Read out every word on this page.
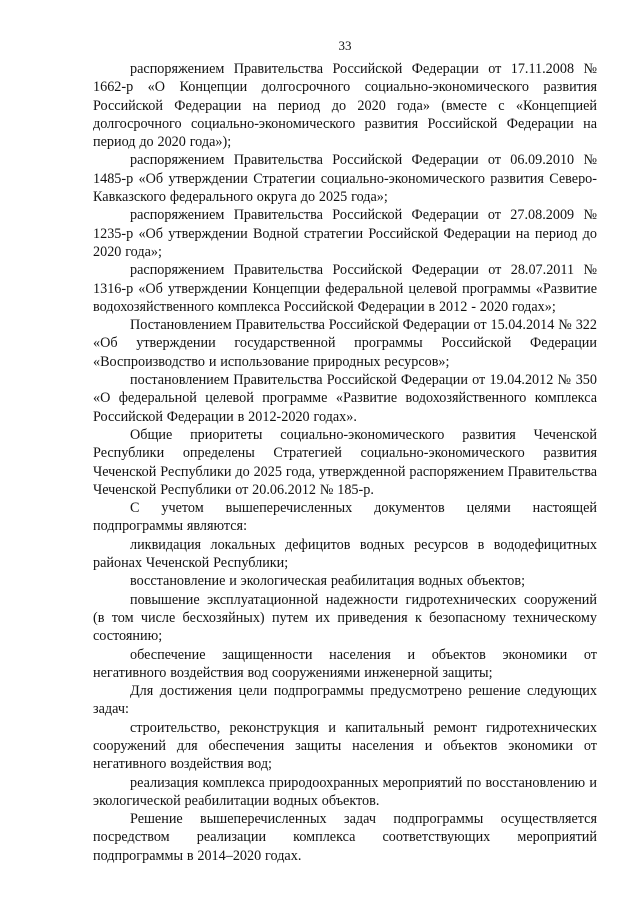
33

распоряжением Правительства Российской Федерации от 17.11.2008 № 1662-р «О Концепции долгосрочного социально-экономического развития Российской Федерации на период до 2020 года» (вместе с «Концепцией долгосрочного социально-экономического развития Российской Федерации на период до 2020 года»);

распоряжением Правительства Российской Федерации от 06.09.2010 № 1485-р «Об утверждении Стратегии социально-экономического развития Северо-Кавказского федерального округа до 2025 года»;

распоряжением Правительства Российской Федерации от 27.08.2009 № 1235-р «Об утверждении Водной стратегии Российской Федерации на период до 2020 года»;

распоряжением Правительства Российской Федерации от 28.07.2011 № 1316-р «Об утверждении Концепции федеральной целевой программы «Развитие водохозяйственного комплекса Российской Федерации в 2012 - 2020 годах»;

Постановлением Правительства Российской Федерации от 15.04.2014 № 322 «Об утверждении государственной программы Российской Федерации «Воспроизводство и использование природных ресурсов»;

постановлением Правительства Российской Федерации от 19.04.2012 № 350 «О федеральной целевой программе «Развитие водохозяйственного комплекса Российской Федерации в 2012-2020 годах».

Общие приоритеты социально-экономического развития Чеченской Республики определены Стратегией социально-экономического развития Чеченской Республики до 2025 года, утвержденной распоряжением Правительства Чеченской Республики от 20.06.2012 № 185-р.

С учетом вышеперечисленных документов целями настоящей подпрограммы являются:

ликвидация локальных дефицитов водных ресурсов в вододефицитных районах Чеченской Республики;

восстановление и экологическая реабилитация водных объектов;

повышение эксплуатационной надежности гидротехнических сооружений (в том числе бесхозяйных) путем их приведения к безопасному техническому состоянию;

обеспечение защищенности населения и объектов экономики от негативного воздействия вод сооружениями инженерной защиты;

Для достижения цели подпрограммы предусмотрено решение следующих задач:

строительство, реконструкция и капитальный ремонт гидротехнических сооружений для обеспечения защиты населения и объектов экономики от негативного воздействия вод;

реализация комплекса природоохранных мероприятий по восстановлению и экологической реабилитации водных объектов.

Решение вышеперечисленных задач подпрограммы осуществляется посредством реализации комплекса соответствующих мероприятий подпрограммы в 2014–2020 годах.
